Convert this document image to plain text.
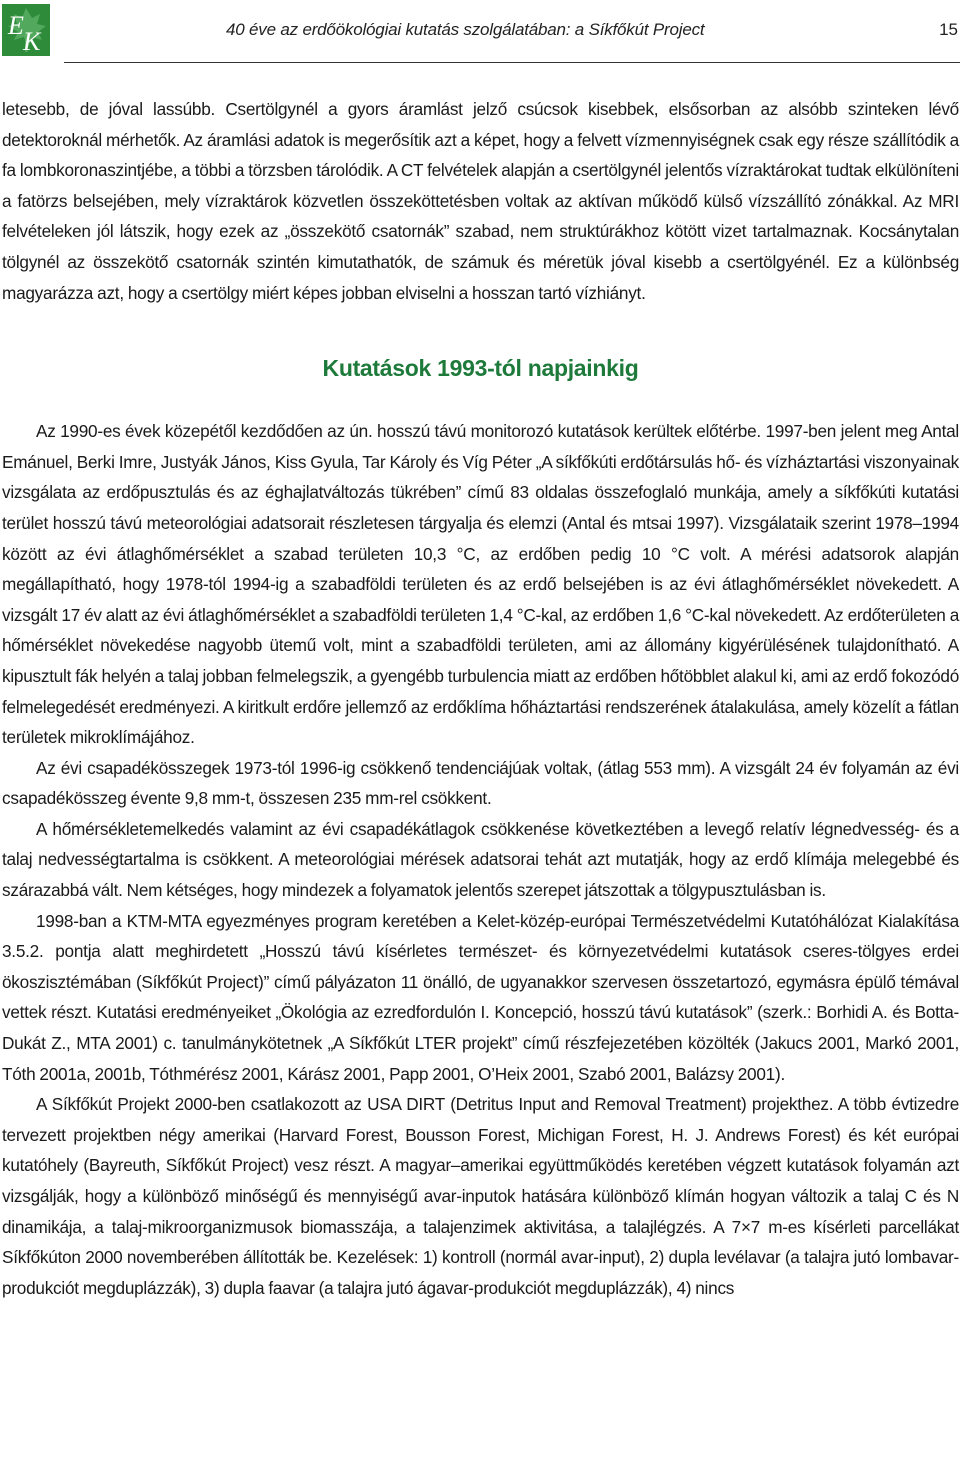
E
K	40 éve az erdőökológiai kutatás szolgálatában: a Síkfőkút Project	15

letesebb, de jóval lassúbb. Csertölgynél a gyors áramlást jelző csúcsok kisebbek, elsősorban az alsóbb szinteken lévő detektoroknál mérhetők. Az áramlási adatok is megerősítik azt a képet, hogy a felvett vízmennyiségnek csak egy része szállítódik a fa lombkoronaszintjébe, a többi a törzsben tárolódik. A CT felvételek alapján a csertölgynél jelentős vízraktárokat tudtak elkülöníteni a fatörzs belsejében, mely vízraktárok közvetlen összeköttetésben voltak az aktívan működő külső vízszállító zónákkal. Az MRI felvételeken jól látszik, hogy ezek az „összekötő csatornák” szabad, nem struktúrákhoz kötött vizet tartalmaznak. Kocsánytalan tölgynél az összekötő csatornák szintén kimutathatók, de számuk és méretük jóval kisebb a csertölgyénél. Ez a különbség magyarázza azt, hogy a csertölgy miért képes jobban elviselni a hosszan tartó vízhiányt.

Kutatások 1993-tól napjainkig

Az 1990-es évek közepétől kezdődően az ún. hosszú távú monitorozó kutatások kerültek előtérbe. 1997-ben jelent meg Antal Emánuel, Berki Imre, Justyák János, Kiss Gyula, Tar Károly és Víg Péter „A síkfőkúti erdőtársulás hő- és vízháztartási viszonyainak vizsgálata az erdőpusztulás és az éghajlatváltozás tükrében” című 83 oldalas összefoglaló munkája, amely a síkfőkúti kutatási terület hosszú távú meteorológiai adatsorait részletesen tárgyalja és elemzi (Antal és mtsai 1997). Vizsgálataik szerint 1978–1994 között az évi átlaghőmérséklet a szabad területen 10,3 °C, az erdőben pedig 10 °C volt. A mérési adatsorok alapján megállapítható, hogy 1978-tól 1994-ig a szabadföldi területen és az erdő belsejében is az évi átlaghőmérséklet növekedett. A vizsgált 17 év alatt az évi átlaghőmérséklet a szabadföldi területen 1,4 °C-kal, az erdőben 1,6 °C-kal növekedett. Az erdőterületen a hőmérséklet növekedése nagyobb ütemű volt, mint a szabadföldi területen, ami az állomány kigyérülésének tulajdonítható. A kipusztult fák helyén a talaj jobban felmelegszik, a gyengébb turbulencia miatt az erdőben hőtöbblet alakul ki, ami az erdő fokozódó felmelegedését eredményezi. A kiritkult erdőre jellemző az erdőklíma hőháztartási rendszerének átalakulása, amely közelít a fátlan területek mikroklímájához.

Az évi csapadékösszegek 1973-tól 1996-ig csökkenő tendenciájúak voltak, (átlag 553 mm). A vizsgált 24 év folyamán az évi csapadékösszeg évente 9,8 mm-t, összesen 235 mm-rel csökkent.

A hőmérsékletemelkedés valamint az évi csapadékátlagok csökkenése következtében a levegő relatív légnedvesség- és a talaj nedvességtartalma is csökkent. A meteorológiai mérések adatsorai tehát azt mutatják, hogy az erdő klímája melegebbé és szárazabbá vált. Nem kétséges, hogy mindezek a folyamatok jelentős szerepet játszottak a tölgypusztulásban is.

1998-ban a KTM-MTA egyezményes program keretében a Kelet-közép-európai Természetvédelmi Kutatóhálózat Kialakítása 3.5.2. pontja alatt meghirdetett „Hosszú távú kísérletes természet- és környezetvédelmi kutatások cseres-tölgyes erdei ökoszisztémában (Síkfőkút Project)” című pályázaton 11 önálló, de ugyanakkor szervesen összetartozó, egymásra épülő témával vettek részt. Kutatási eredményeiket „Ökológia az ezredfordulón I. Koncepció, hosszú távú kutatások” (szerk.: Borhidi A. és Botta-Dukát Z., MTA 2001) c. tanulmánykötetnek „A Síkfőkút LTER projekt” című részfejezetében közölték (Jakucs 2001, Markó 2001, Tóth 2001a, 2001b, Tóthmérész 2001, Kárász 2001, Papp 2001, O’Heix 2001, Szabó 2001, Balázsy 2001).

A Síkfőkút Projekt 2000-ben csatlakozott az USA DIRT (Detritus Input and Removal Treatment) projekthez. A több évtizedre tervezett projektben négy amerikai (Harvard Forest, Bousson Forest, Michigan Forest, H. J. Andrews Forest) és két európai kutatóhely (Bayreuth, Síkfőkút Project) vesz részt. A magyar–amerikai együttműködés keretében végzett kutatások folyamán azt vizsgálják, hogy a különböző minőségű és mennyiségű avar-inputok hatására különböző klímán hogyan változik a talaj C és N dinamikája, a talaj-mikroorganizmusok biomasszája, a talajenzimek aktivitása, a talajlégzés. A 7×7 m-es kísérleti parcellákat Síkfőkúton 2000 novemberében állították be. Kezelések: 1) kontroll (normál avar-input), 2) dupla levélavar (a talajra jutó lombavar-produkciót megduplázzák), 3) dupla faavar (a talajra jutó ágavar-produkciót megduplázzák), 4) nincs
